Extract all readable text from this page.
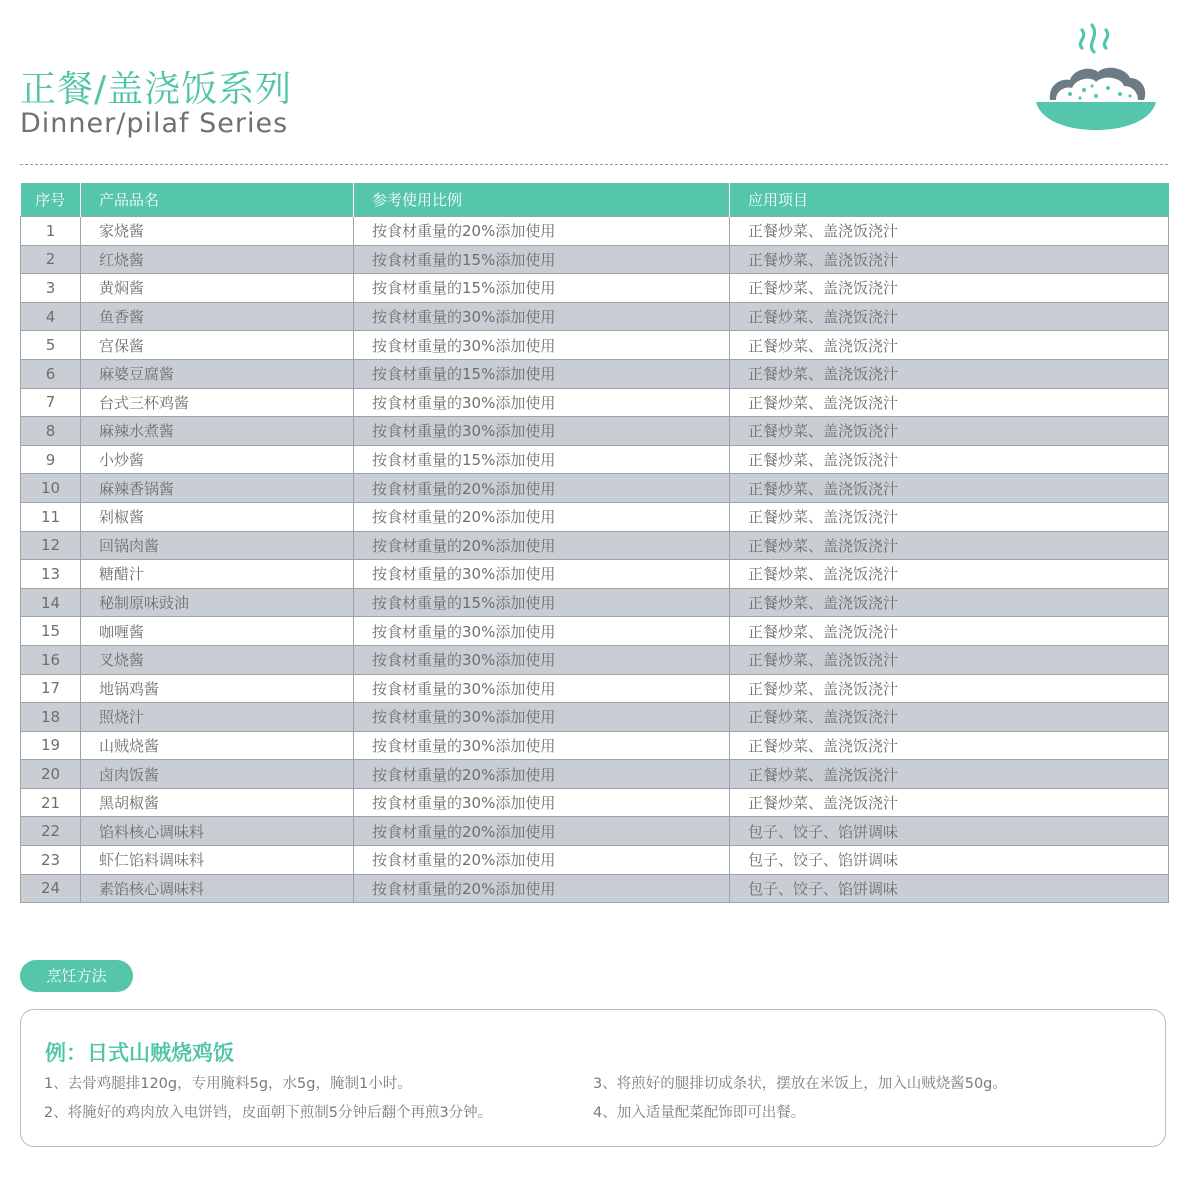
正餐/盖浇饭系列
Dinner/pilaf Series
序号	产品品名	参考使用比例	应用项目
1	家烧酱	按食材重量的20%添加使用	正餐炒菜、盖浇饭浇汁
2	红烧酱	按食材重量的15%添加使用	正餐炒菜、盖浇饭浇汁
3	黄焖酱	按食材重量的15%添加使用	正餐炒菜、盖浇饭浇汁
4	鱼香酱	按食材重量的30%添加使用	正餐炒菜、盖浇饭浇汁
5	宫保酱	按食材重量的30%添加使用	正餐炒菜、盖浇饭浇汁
6	麻婆豆腐酱	按食材重量的15%添加使用	正餐炒菜、盖浇饭浇汁
7	台式三杯鸡酱	按食材重量的30%添加使用	正餐炒菜、盖浇饭浇汁
8	麻辣水煮酱	按食材重量的30%添加使用	正餐炒菜、盖浇饭浇汁
9	小炒酱	按食材重量的15%添加使用	正餐炒菜、盖浇饭浇汁
10	麻辣香锅酱	按食材重量的20%添加使用	正餐炒菜、盖浇饭浇汁
11	剁椒酱	按食材重量的20%添加使用	正餐炒菜、盖浇饭浇汁
12	回锅肉酱	按食材重量的20%添加使用	正餐炒菜、盖浇饭浇汁
13	糖醋汁	按食材重量的30%添加使用	正餐炒菜、盖浇饭浇汁
14	秘制原味豉油	按食材重量的15%添加使用	正餐炒菜、盖浇饭浇汁
15	咖喱酱	按食材重量的30%添加使用	正餐炒菜、盖浇饭浇汁
16	叉烧酱	按食材重量的30%添加使用	正餐炒菜、盖浇饭浇汁
17	地锅鸡酱	按食材重量的30%添加使用	正餐炒菜、盖浇饭浇汁
18	照烧汁	按食材重量的30%添加使用	正餐炒菜、盖浇饭浇汁
19	山贼烧酱	按食材重量的30%添加使用	正餐炒菜、盖浇饭浇汁
20	卤肉饭酱	按食材重量的20%添加使用	正餐炒菜、盖浇饭浇汁
21	黑胡椒酱	按食材重量的30%添加使用	正餐炒菜、盖浇饭浇汁
22	馅料核心调味料	按食材重量的20%添加使用	包子、饺子、馅饼调味
23	虾仁馅料调味料	按食材重量的20%添加使用	包子、饺子、馅饼调味
24	素馅核心调味料	按食材重量的20%添加使用	包子、饺子、馅饼调味
烹饪方法
例：日式山贼烧鸡饭
1、去骨鸡腿排120g，专用腌料5g，水5g，腌制1小时。
2、将腌好的鸡肉放入电饼铛，皮面朝下煎制5分钟后翻个再煎3分钟。
3、将煎好的腿排切成条状，摆放在米饭上，加入山贼烧酱50g。
4、加入适量配菜配饰即可出餐。
